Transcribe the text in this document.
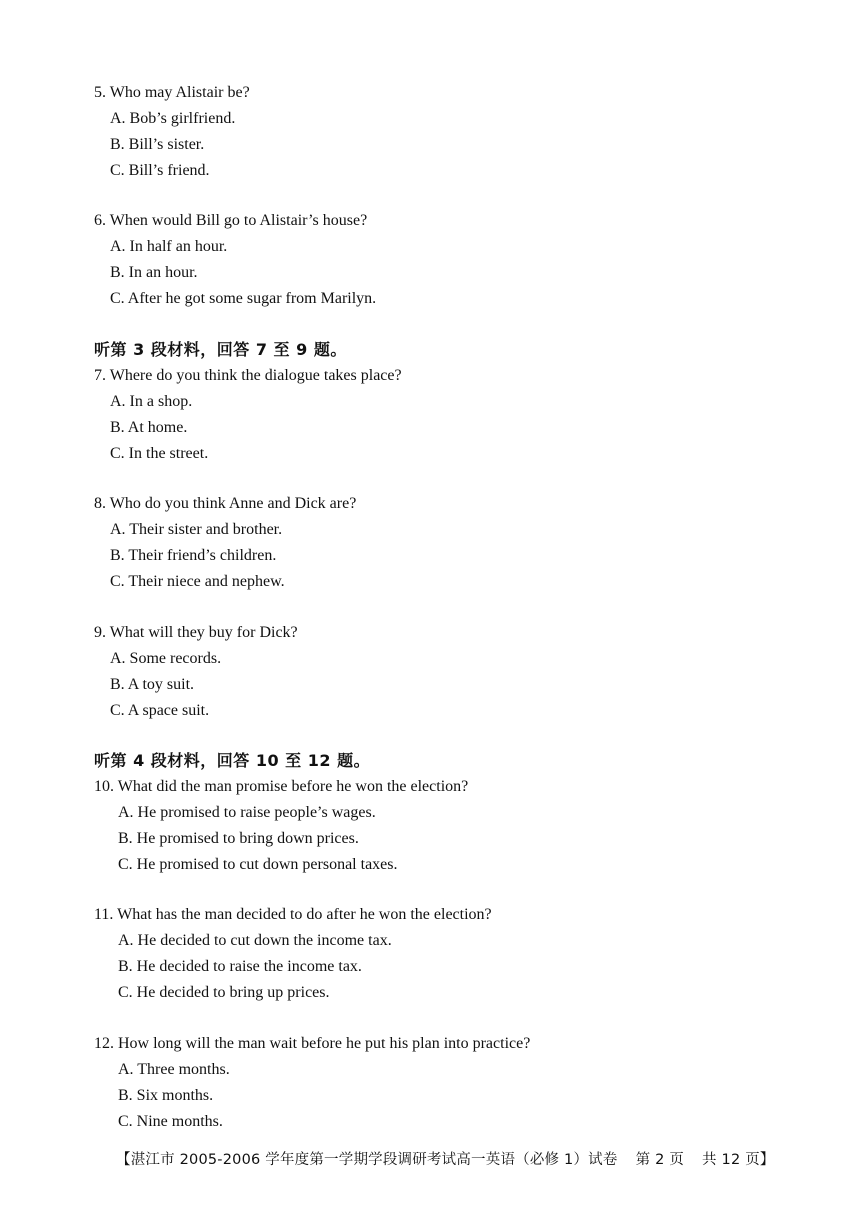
5. Who may Alistair be?
A. Bob’s girlfriend.
B. Bill’s sister.
C. Bill’s friend.
6. When would Bill go to Alistair’s house?
A. In half an hour.
B. In an hour.
C. After he got some sugar from Marilyn.
听第 3 段材料，回答 7 至 9 题。
7. Where do you think the dialogue takes place?
A. In a shop.
B. At home.
C. In the street.
8. Who do you think Anne and Dick are?
A. Their sister and brother.
B. Their friend’s children.
C. Their niece and nephew.
9. What will they buy for Dick?
A. Some records.
B. A toy suit.
C. A space suit.
听第 4 段材料，回答 10 至 12 题。
10. What did the man promise before he won the election?
A. He promised to raise people’s wages.
B. He promised to bring down prices.
C. He promised to cut down personal taxes.
11. What has the man decided to do after he won the election?
A. He decided to cut down the income tax.
B. He decided to raise the income tax.
C. He decided to bring up prices.
12. How long will the man wait before he put his plan into practice?
A. Three months.
B. Six months.
C. Nine months.
【湛江市 2005-2006 学年度第一学期学段调研考试高一英语（必修 1）试卷 第 2 页 共 12 页】
